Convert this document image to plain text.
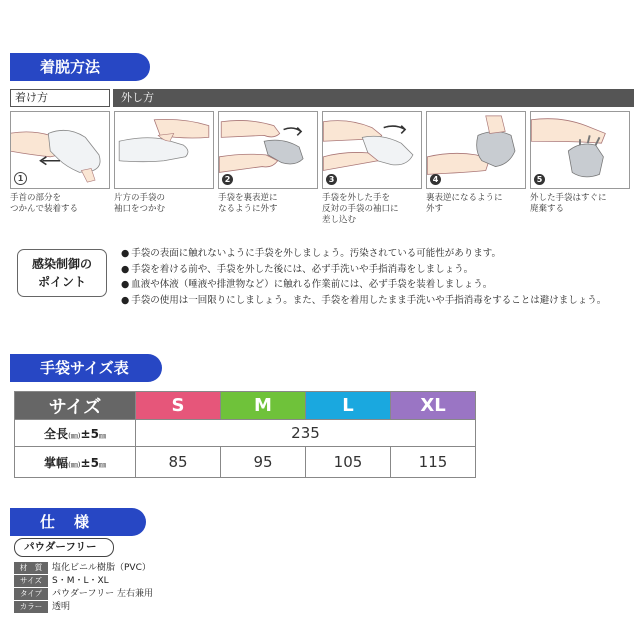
着脱方法
着け方	外し方
1	2	3	4	5
手首の部分を
つかんで装着する
片方の手袋の
袖口をつかむ
手袋を裏表逆に
なるように外す
手袋を外した手を
反対の手袋の袖口に
差し込む
裏表逆になるように
外す
外した手袋はすぐに
廃棄する
感染制御の
ポイント
● 手袋の表面に触れないように手袋を外しましょう。汚染されている可能性があります。
● 手袋を着ける前や、手袋を外した後には、必ず手洗いや手指消毒をしましょう。
● 血液や体液（唾液や排泄物など）に触れる作業前には、必ず手袋を装着しましょう。
● 手袋の使用は一回限りにしましょう。また、手袋を着用したまま手洗いや手指消毒をすることは避けましょう。
手袋サイズ表
サイズ	S	M	L	XL
全長(㎜)±5㎜	235			
掌幅(㎜)±5㎜	85	95	105	115
仕　様
パウダーフリー
材　質 塩化ビニル樹脂（PVC）
サイズ S・M・L・XL
タイプ パウダーフリー 左右兼用
カラー 透明
